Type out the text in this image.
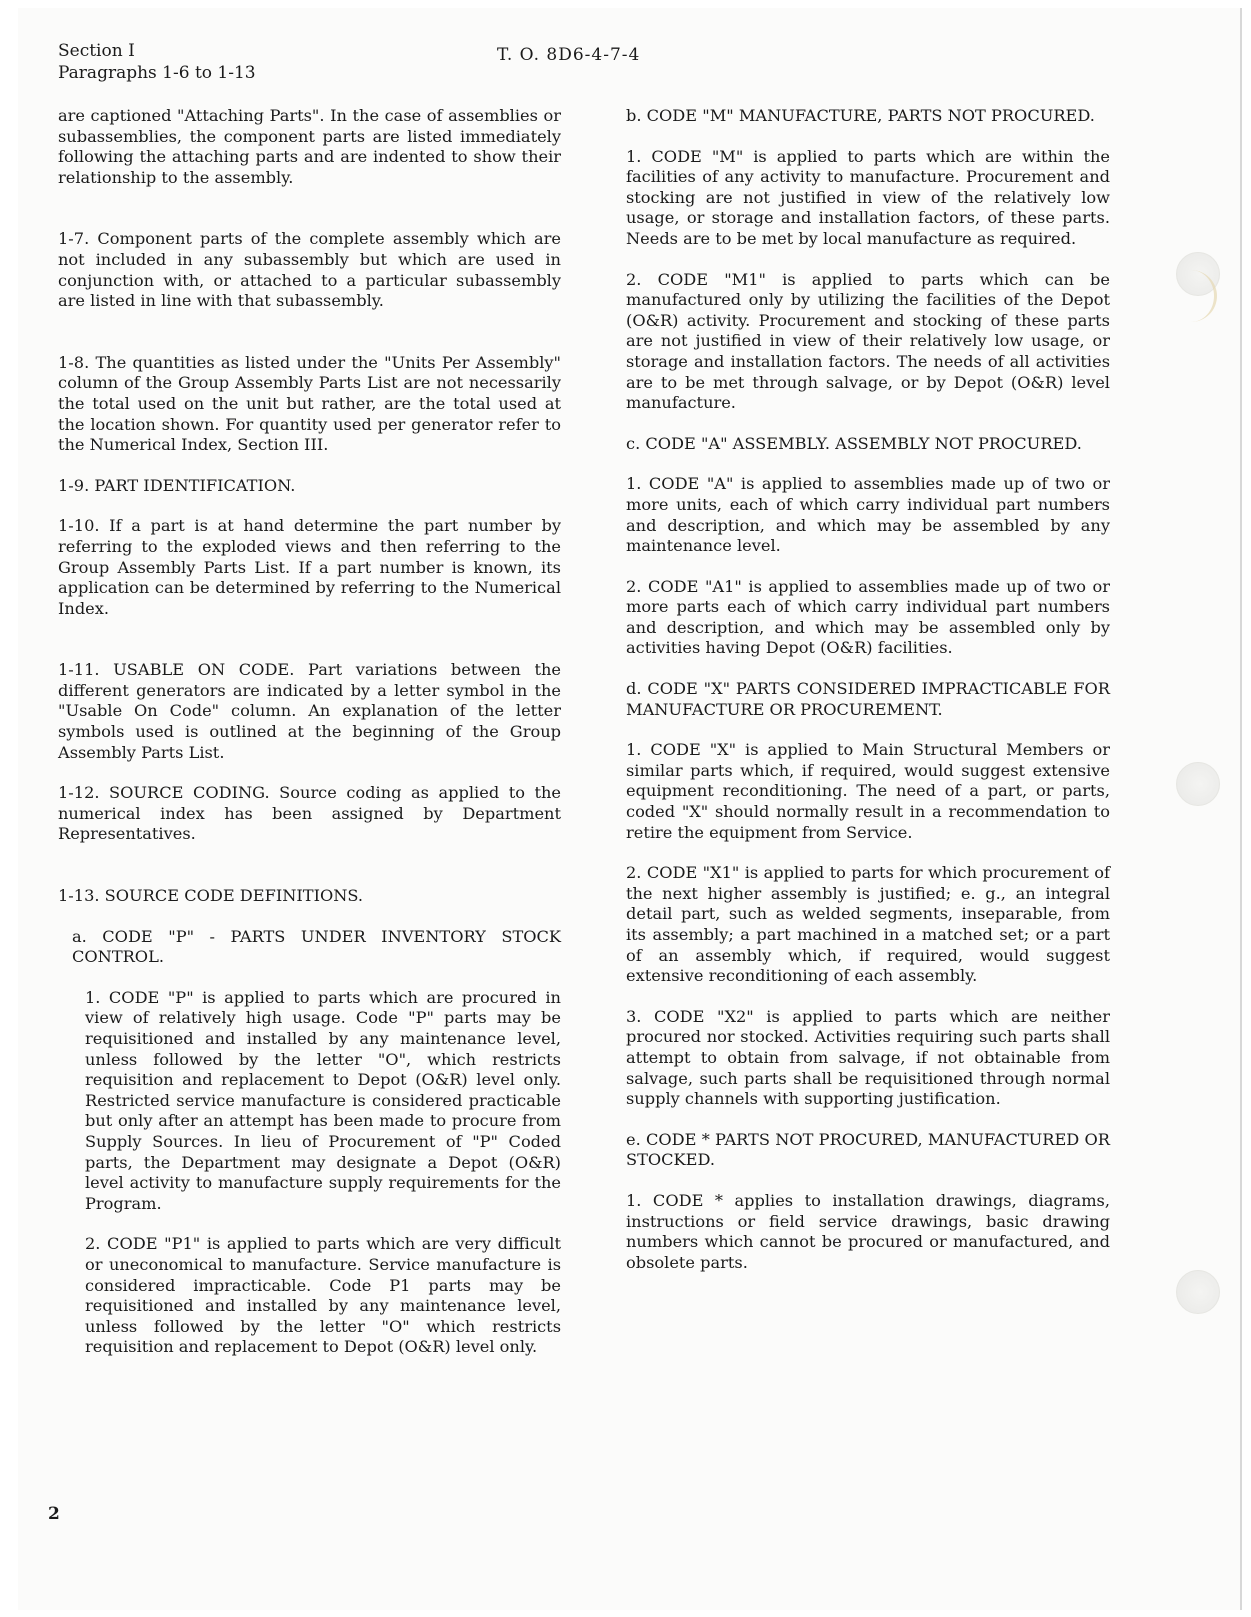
Section I
Paragraphs 1-6 to 1-13
T. O. 8D6-4-7-4

are captioned "Attaching Parts". In the case of assemblies or subassemblies, the component parts are listed immediately following the attaching parts and are indented to show their relationship to the assembly.

1-7. Component parts of the complete assembly which are not included in any subassembly but which are used in conjunction with, or attached to a particular subassembly are listed in line with that subassembly.

1-8. The quantities as listed under the "Units Per Assembly" column of the Group Assembly Parts List are not necessarily the total used on the unit but rather, are the total used at the location shown. For quantity used per generator refer to the Numerical Index, Section III.

1-9. PART IDENTIFICATION.

1-10. If a part is at hand determine the part number by referring to the exploded views and then referring to the Group Assembly Parts List. If a part number is known, its application can be determined by referring to the Numerical Index.

1-11. USABLE ON CODE. Part variations between the different generators are indicated by a letter symbol in the "Usable On Code" column. An explanation of the letter symbols used is outlined at the beginning of the Group Assembly Parts List.

1-12. SOURCE CODING. Source coding as applied to the numerical index has been assigned by Department Representatives.

1-13. SOURCE CODE DEFINITIONS.

a. CODE "P" - PARTS UNDER INVENTORY STOCK CONTROL.

1. CODE "P" is applied to parts which are procured in view of relatively high usage. Code "P" parts may be requisitioned and installed by any maintenance level, unless followed by the letter "O", which restricts requisition and replacement to Depot (O&R) level only. Restricted service manufacture is considered practicable but only after an attempt has been made to procure from Supply Sources. In lieu of Procurement of "P" Coded parts, the Department may designate a Depot (O&R) level activity to manufacture supply requirements for the Program.

2. CODE "P1" is applied to parts which are very difficult or uneconomical to manufacture. Service manufacture is considered impracticable. Code P1 parts may be requisitioned and installed by any maintenance level, unless followed by the letter "O" which restricts requisition and replacement to Depot (O&R) level only.

b. CODE "M" MANUFACTURE, PARTS NOT PROCURED.

1. CODE "M" is applied to parts which are within the facilities of any activity to manufacture. Procurement and stocking are not justified in view of the relatively low usage, or storage and installation factors, of these parts. Needs are to be met by local manufacture as required.

2. CODE "M1" is applied to parts which can be manufactured only by utilizing the facilities of the Depot (O&R) activity. Procurement and stocking of these parts are not justified in view of their relatively low usage, or storage and installation factors. The needs of all activities are to be met through salvage, or by Depot (O&R) level manufacture.

c. CODE "A" ASSEMBLY. ASSEMBLY NOT PROCURED.

1. CODE "A" is applied to assemblies made up of two or more units, each of which carry individual part numbers and description, and which may be assembled by any maintenance level.

2. CODE "A1" is applied to assemblies made up of two or more parts each of which carry individual part numbers and description, and which may be assembled only by activities having Depot (O&R) facilities.

d. CODE "X" PARTS CONSIDERED IMPRACTICABLE FOR MANUFACTURE OR PROCUREMENT.

1. CODE "X" is applied to Main Structural Members or similar parts which, if required, would suggest extensive equipment reconditioning. The need of a part, or parts, coded "X" should normally result in a recommendation to retire the equipment from Service.

2. CODE "X1" is applied to parts for which procurement of the next higher assembly is justified; e. g., an integral detail part, such as welded segments, inseparable, from its assembly; a part machined in a matched set; or a part of an assembly which, if required, would suggest extensive reconditioning of each assembly.

3. CODE "X2" is applied to parts which are neither procured nor stocked. Activities requiring such parts shall attempt to obtain from salvage, if not obtainable from salvage, such parts shall be requisitioned through normal supply channels with supporting justification.

e. CODE * PARTS NOT PROCURED, MANUFACTURED OR STOCKED.

1. CODE * applies to installation drawings, diagrams, instructions or field service drawings, basic drawing numbers which cannot be procured or manufactured, and obsolete parts.

2
